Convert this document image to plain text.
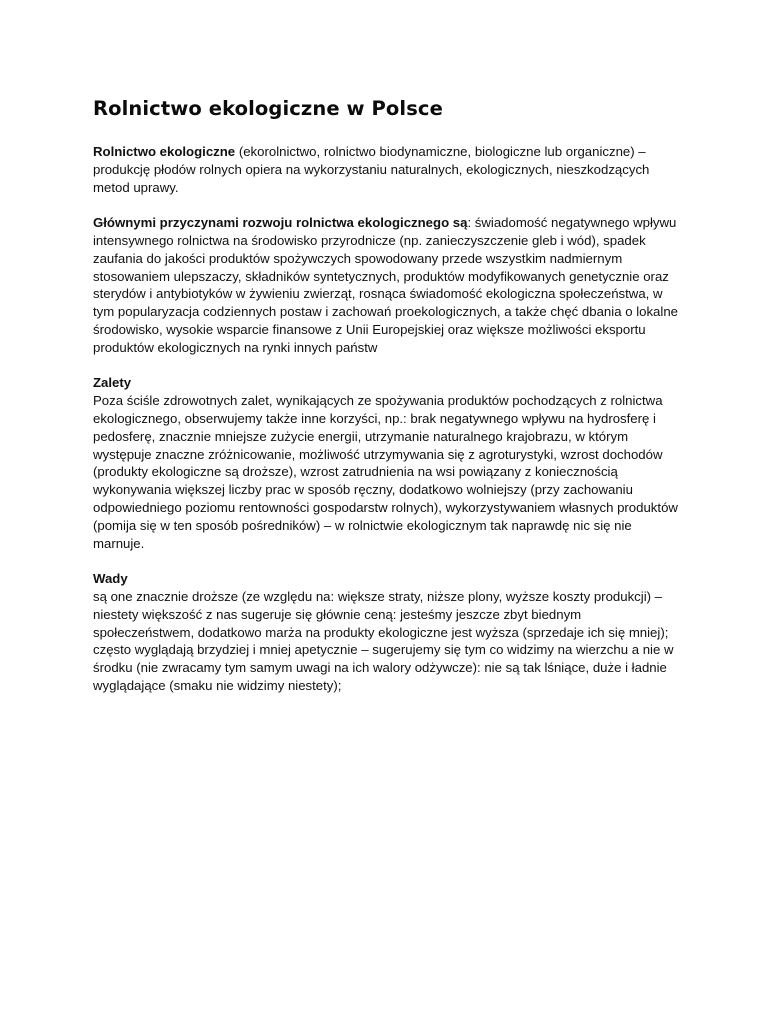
Rolnictwo ekologiczne w Polsce

Rolnictwo ekologiczne (ekorolnictwo, rolnictwo biodynamiczne, biologiczne lub organiczne) – produkcję płodów rolnych opiera na wykorzystaniu naturalnych, ekologicznych, nieszkodzących metod uprawy.

Głównymi przyczynami rozwoju rolnictwa ekologicznego są: świadomość negatywnego wpływu intensywnego rolnictwa na środowisko przyrodnicze (np. zanieczyszczenie gleb i wód), spadek zaufania do jakości produktów spożywczych spowodowany przede wszystkim nadmiernym stosowaniem ulepszaczy, składników syntetycznych, produktów modyfikowanych genetycznie oraz sterydów i antybiotyków w żywieniu zwierząt, rosnąca świadomość ekologiczna społeczeństwa, w tym popularyzacja codziennych postaw i zachowań proekologicznych, a także chęć dbania o lokalne środowisko, wysokie wsparcie finansowe z Unii Europejskiej oraz większe możliwości eksportu produktów ekologicznych na rynki innych państw

Zalety

Poza ściśle zdrowotnych zalet, wynikających ze spożywania produktów pochodzących z rolnictwa ekologicznego, obserwujemy także inne korzyści, np.: brak negatywnego wpływu na hydrosferę i pedosferę, znacznie mniejsze zużycie energii, utrzymanie naturalnego krajobrazu, w którym występuje znaczne zróżnicowanie, możliwość utrzymywania się z agroturystyki, wzrost dochodów (produkty ekologiczne są droższe), wzrost zatrudnienia na wsi powiązany z koniecznością wykonywania większej liczby prac w sposób ręczny, dodatkowo wolniejszy (przy zachowaniu odpowiedniego poziomu rentowności gospodarstw rolnych), wykorzystywaniem własnych produktów (pomija się w ten sposób pośredników) – w rolnictwie ekologicznym tak naprawdę nic się nie marnuje.

Wady

są one znacznie droższe (ze względu na: większe straty, niższe plony, wyższe koszty produkcji) – niestety większość z nas sugeruje się głównie ceną: jesteśmy jeszcze zbyt biednym społeczeństwem, dodatkowo marża na produkty ekologiczne jest wyższa (sprzedaje ich się mniej); często wyglądają brzydziej i mniej apetycznie – sugerujemy się tym co widzimy na wierzchu a nie w środku (nie zwracamy tym samym uwagi na ich walory odżywcze): nie są tak lśniące, duże i ładnie wyglądające (smaku nie widzimy niestety);
